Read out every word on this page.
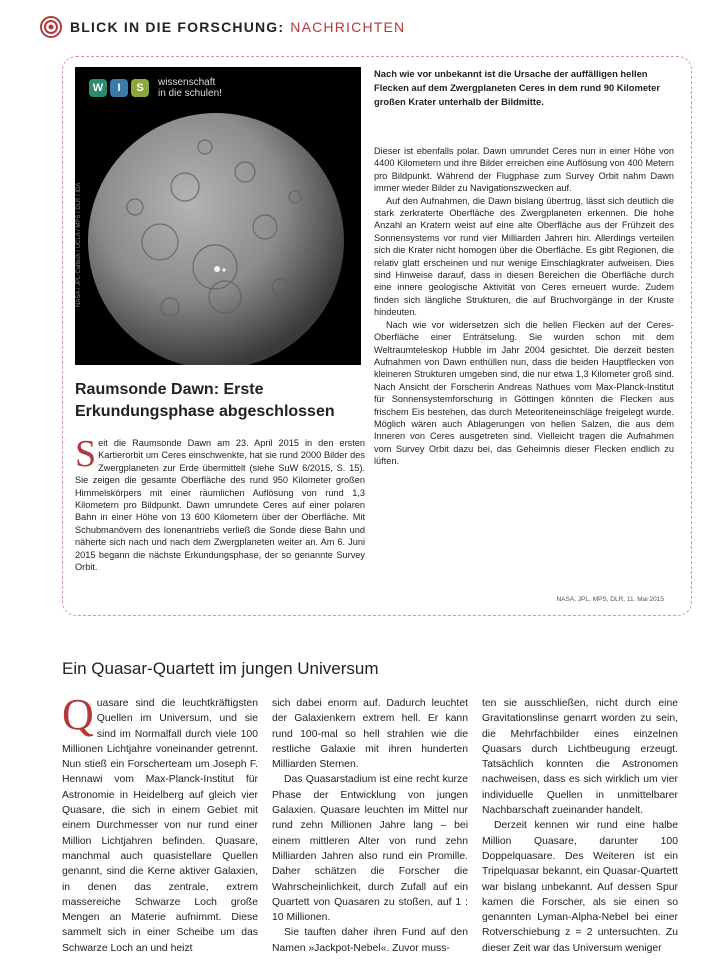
BLICK IN DIE FORSCHUNG: NACHRICHTEN
W	I	S	wissenschaft
in die schulen!
NASA / JPL-Caltech / UCLA / MPS / DLR / IDA
Raumsonde Dawn: Erste Erkundungsphase abgeschlossen
S eit die Raumsonde Dawn am 23. April 2015 in den ersten Kartierorbit um Ceres einschwenkte, hat sie rund 2000 Bilder des Zwergplaneten zur Erde übermittelt (siehe SuW 6/2015, S. 15). Sie zeigen die gesamte Oberfläche des rund 950 Kilometer großen Himmelskörpers mit einer räumlichen Auflösung von rund 1,3 Kilometern pro Bildpunkt. Dawn umrundete Ceres auf einer polaren Bahn in einer Höhe von 13 600 Kilometern über der Oberfläche. Mit Schubmanövern des Ionenantriebs verließ die Sonde diese Bahn und näherte sich nach und nach dem Zwergplaneten weiter an. Am 6. Juni 2015 begann die nächste Erkundungsphase, der so genannte Survey Orbit.
Nach wie vor unbekannt ist die Ursache der auffälligen hellen Flecken auf dem Zwergplaneten Ceres in dem rund 90 Kilometer großen Krater unterhalb der Bildmitte.

Dieser ist ebenfalls polar. Dawn umrundet Ceres nun in einer Höhe von 4400 Kilometern und ihre Bilder erreichen eine Auflösung von 400 Metern pro Bildpunkt. Während der Flugphase zum Survey Orbit nahm Dawn immer wieder Bilder zu Navigationszwecken auf.

Auf den Aufnahmen, die Dawn bislang übertrug, lässt sich deutlich die stark zerkraterte Oberfläche des Zwergplaneten erkennen. Die hohe Anzahl an Kratern weist auf eine alte Oberfläche aus der Frühzeit des Sonnensystems vor rund vier Milliarden Jahren hin. Allerdings verteilen sich die Krater nicht homogen über die Oberfläche. Es gibt Regionen, die relativ glatt erscheinen und nur wenige Einschlagkrater aufweisen. Dies sind Hinweise darauf, dass in diesen Bereichen die Oberfläche durch eine innere geologische Aktivität von Ceres erneuert wurde. Zudem finden sich längliche Strukturen, die auf Bruchvorgänge in der Kruste hindeuten.

Nach wie vor widersetzen sich die hellen Flecken auf der Ceres-Oberfläche einer Enträtselung. Sie wurden schon mit dem Weltraumteleskop Hubble im Jahr 2004 gesichtet. Die derzeit besten Aufnahmen von Dawn enthüllen nun, dass die beiden Hauptflecken von kleineren Strukturen umgeben sind, die nur etwa 1,3 Kilometer groß sind. Nach Ansicht der Forscherin Andreas Nathues vom Max-Planck-Institut für Sonnensystemforschung in Göttingen könnten die Flecken aus frischem Eis bestehen, das durch Meteoriteneinschläge freigelegt wurde. Möglich wären auch Ablagerungen von hellen Salzen, die aus dem Inneren von Ceres ausgetreten sind. Vielleicht tragen die Aufnahmen vom Survey Orbit dazu bei, das Geheimnis dieser Flecken endlich zu lüften.

NASA, JPL, MPS, DLR, 11. Mai 2015
Ein Quasar-Quartett im jungen Universum
Q uasare sind die leuchtkräftigsten Quellen im Universum, und sie sind im Normalfall durch viele 100 Millionen Lichtjahre voneinander getrennt. Nun stieß ein Forscherteam um Joseph F. Hennawi vom Max-Planck-Institut für Astronomie in Heidelberg auf gleich vier Quasare, die sich in einem Gebiet mit einem Durchmesser von nur rund einer Million Lichtjahren befinden. Quasare, manchmal auch quasistellare Quellen genannt, sind die Kerne aktiver Galaxien, in denen das zentrale, extrem massereiche Schwarze Loch große Mengen an Materie aufnimmt. Diese sammelt sich in einer Scheibe um das Schwarze Loch an und heizt

sich dabei enorm auf. Dadurch leuchtet der Galaxienkern extrem hell. Er kann rund 100-mal so hell strahlen wie die restliche Galaxie mit ihren hunderten Milliarden Sternen.

Das Quasarstadium ist eine recht kurze Phase der Entwicklung von jungen Galaxien. Quasare leuchten im Mittel nur rund zehn Millionen Jahre lang – bei einem mittleren Alter von rund zehn Milliarden Jahren also rund ein Promille. Daher schätzen die Forscher die Wahrscheinlichkeit, durch Zufall auf ein Quartett von Quasaren zu stoßen, auf 1 : 10 Millionen.

Sie tauften daher ihren Fund auf den Namen »Jackpot-Nebel«. Zuvor muss-

ten sie ausschließen, nicht durch eine Gravitationslinse genarrt worden zu sein, die Mehrfachbilder eines einzelnen Quasars durch Lichtbeugung erzeugt. Tatsächlich konnten die Astronomen nachweisen, dass es sich wirklich um vier individuelle Quellen in unmittelbarer Nachbarschaft zueinander handelt.

Derzeit kennen wir rund eine halbe Million Quasare, darunter 100 Doppelquasare. Des Weiteren ist ein Tripelquasar bekannt, ein Quasar-Quartett war bislang unbekannt. Auf dessen Spur kamen die Forscher, als sie einen so genannten Lyman-Alpha-Nebel bei einer Rotverschiebung z = 2 untersuchten. Zu dieser Zeit war das Universum weniger
